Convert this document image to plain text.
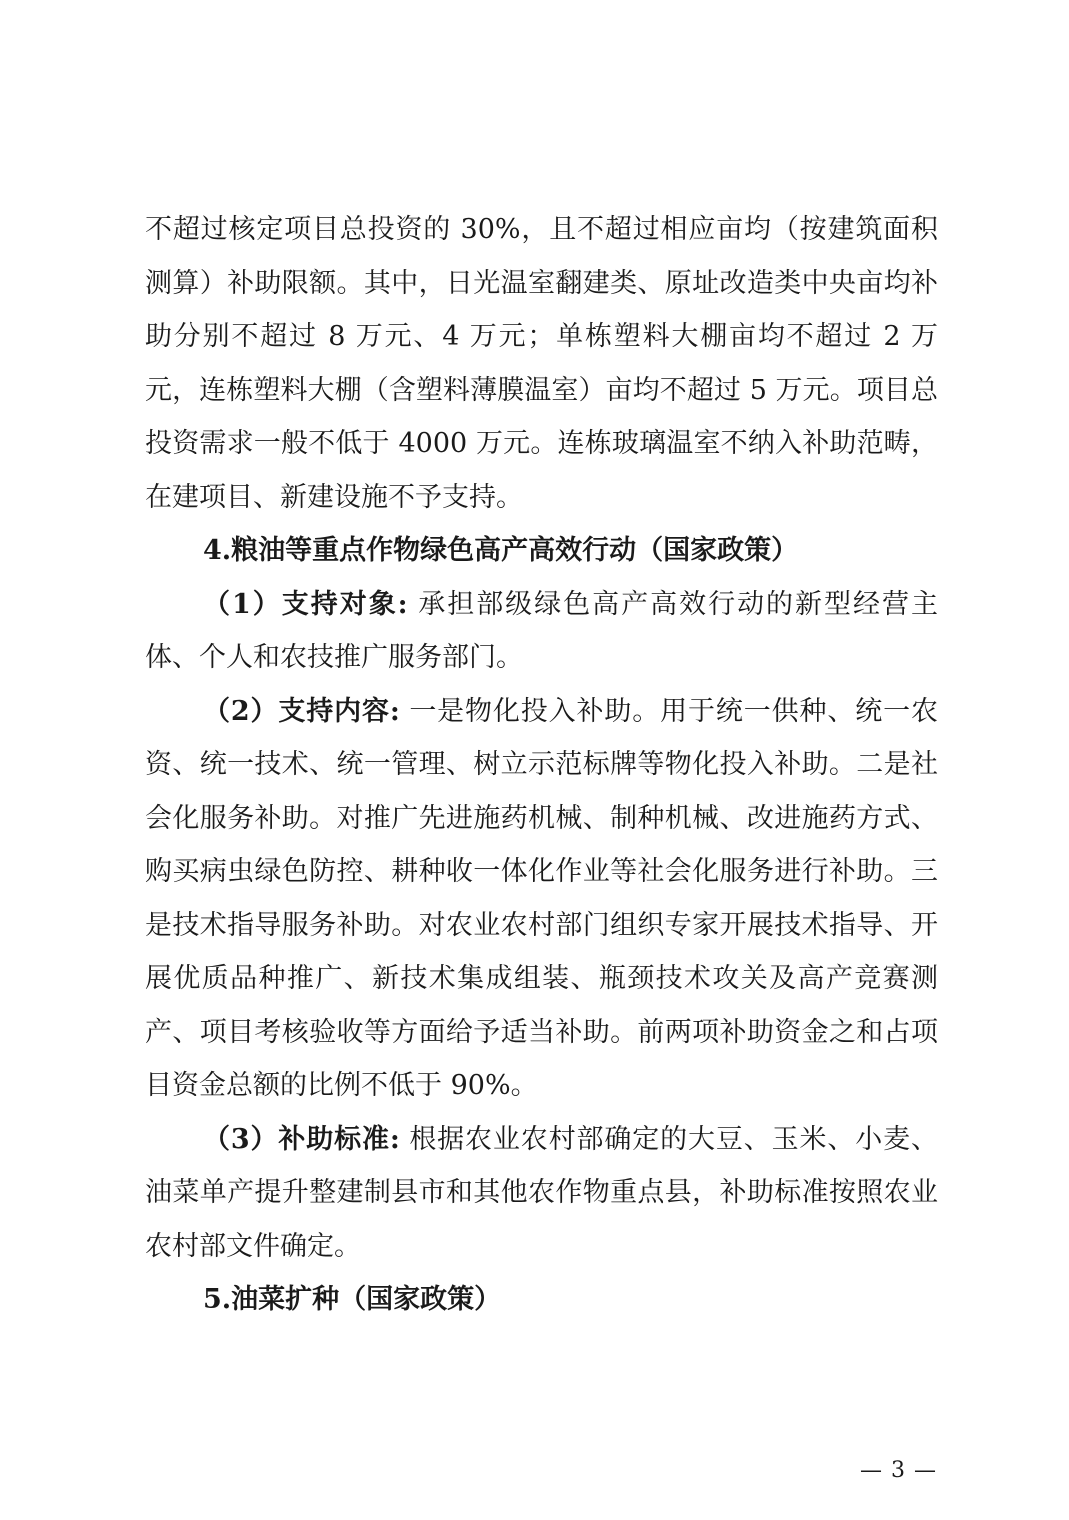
不超过核定项目总投资的 30%，且不超过相应亩均（按建筑面积测算）补助限额。其中，日光温室翻建类、原址改造类中央亩均补助分别不超过 8 万元、4 万元；单栋塑料大棚亩均不超过 2 万元，连栋塑料大棚（含塑料薄膜温室）亩均不超过 5 万元。项目总投资需求一般不低于 4000 万元。连栋玻璃温室不纳入补助范畴，在建项目、新建设施不予支持。

4.粮油等重点作物绿色高产高效行动（国家政策）

（1）支持对象: 承担部级绿色高产高效行动的新型经营主体、个人和农技推广服务部门。

（2）支持内容: 一是物化投入补助。用于统一供种、统一农资、统一技术、统一管理、树立示范标牌等物化投入补助。二是社会化服务补助。对推广先进施药机械、制种机械、改进施药方式、购买病虫绿色防控、耕种收一体化作业等社会化服务进行补助。三是技术指导服务补助。对农业农村部门组织专家开展技术指导、开展优质品种推广、新技术集成组装、瓶颈技术攻关及高产竞赛测产、项目考核验收等方面给予适当补助。前两项补助资金之和占项目资金总额的比例不低于 90%。

（3）补助标准: 根据农业农村部确定的大豆、玉米、小麦、油菜单产提升整建制县市和其他农作物重点县，补助标准按照农业农村部文件确定。

5.油菜扩种（国家政策）

— 3 —
